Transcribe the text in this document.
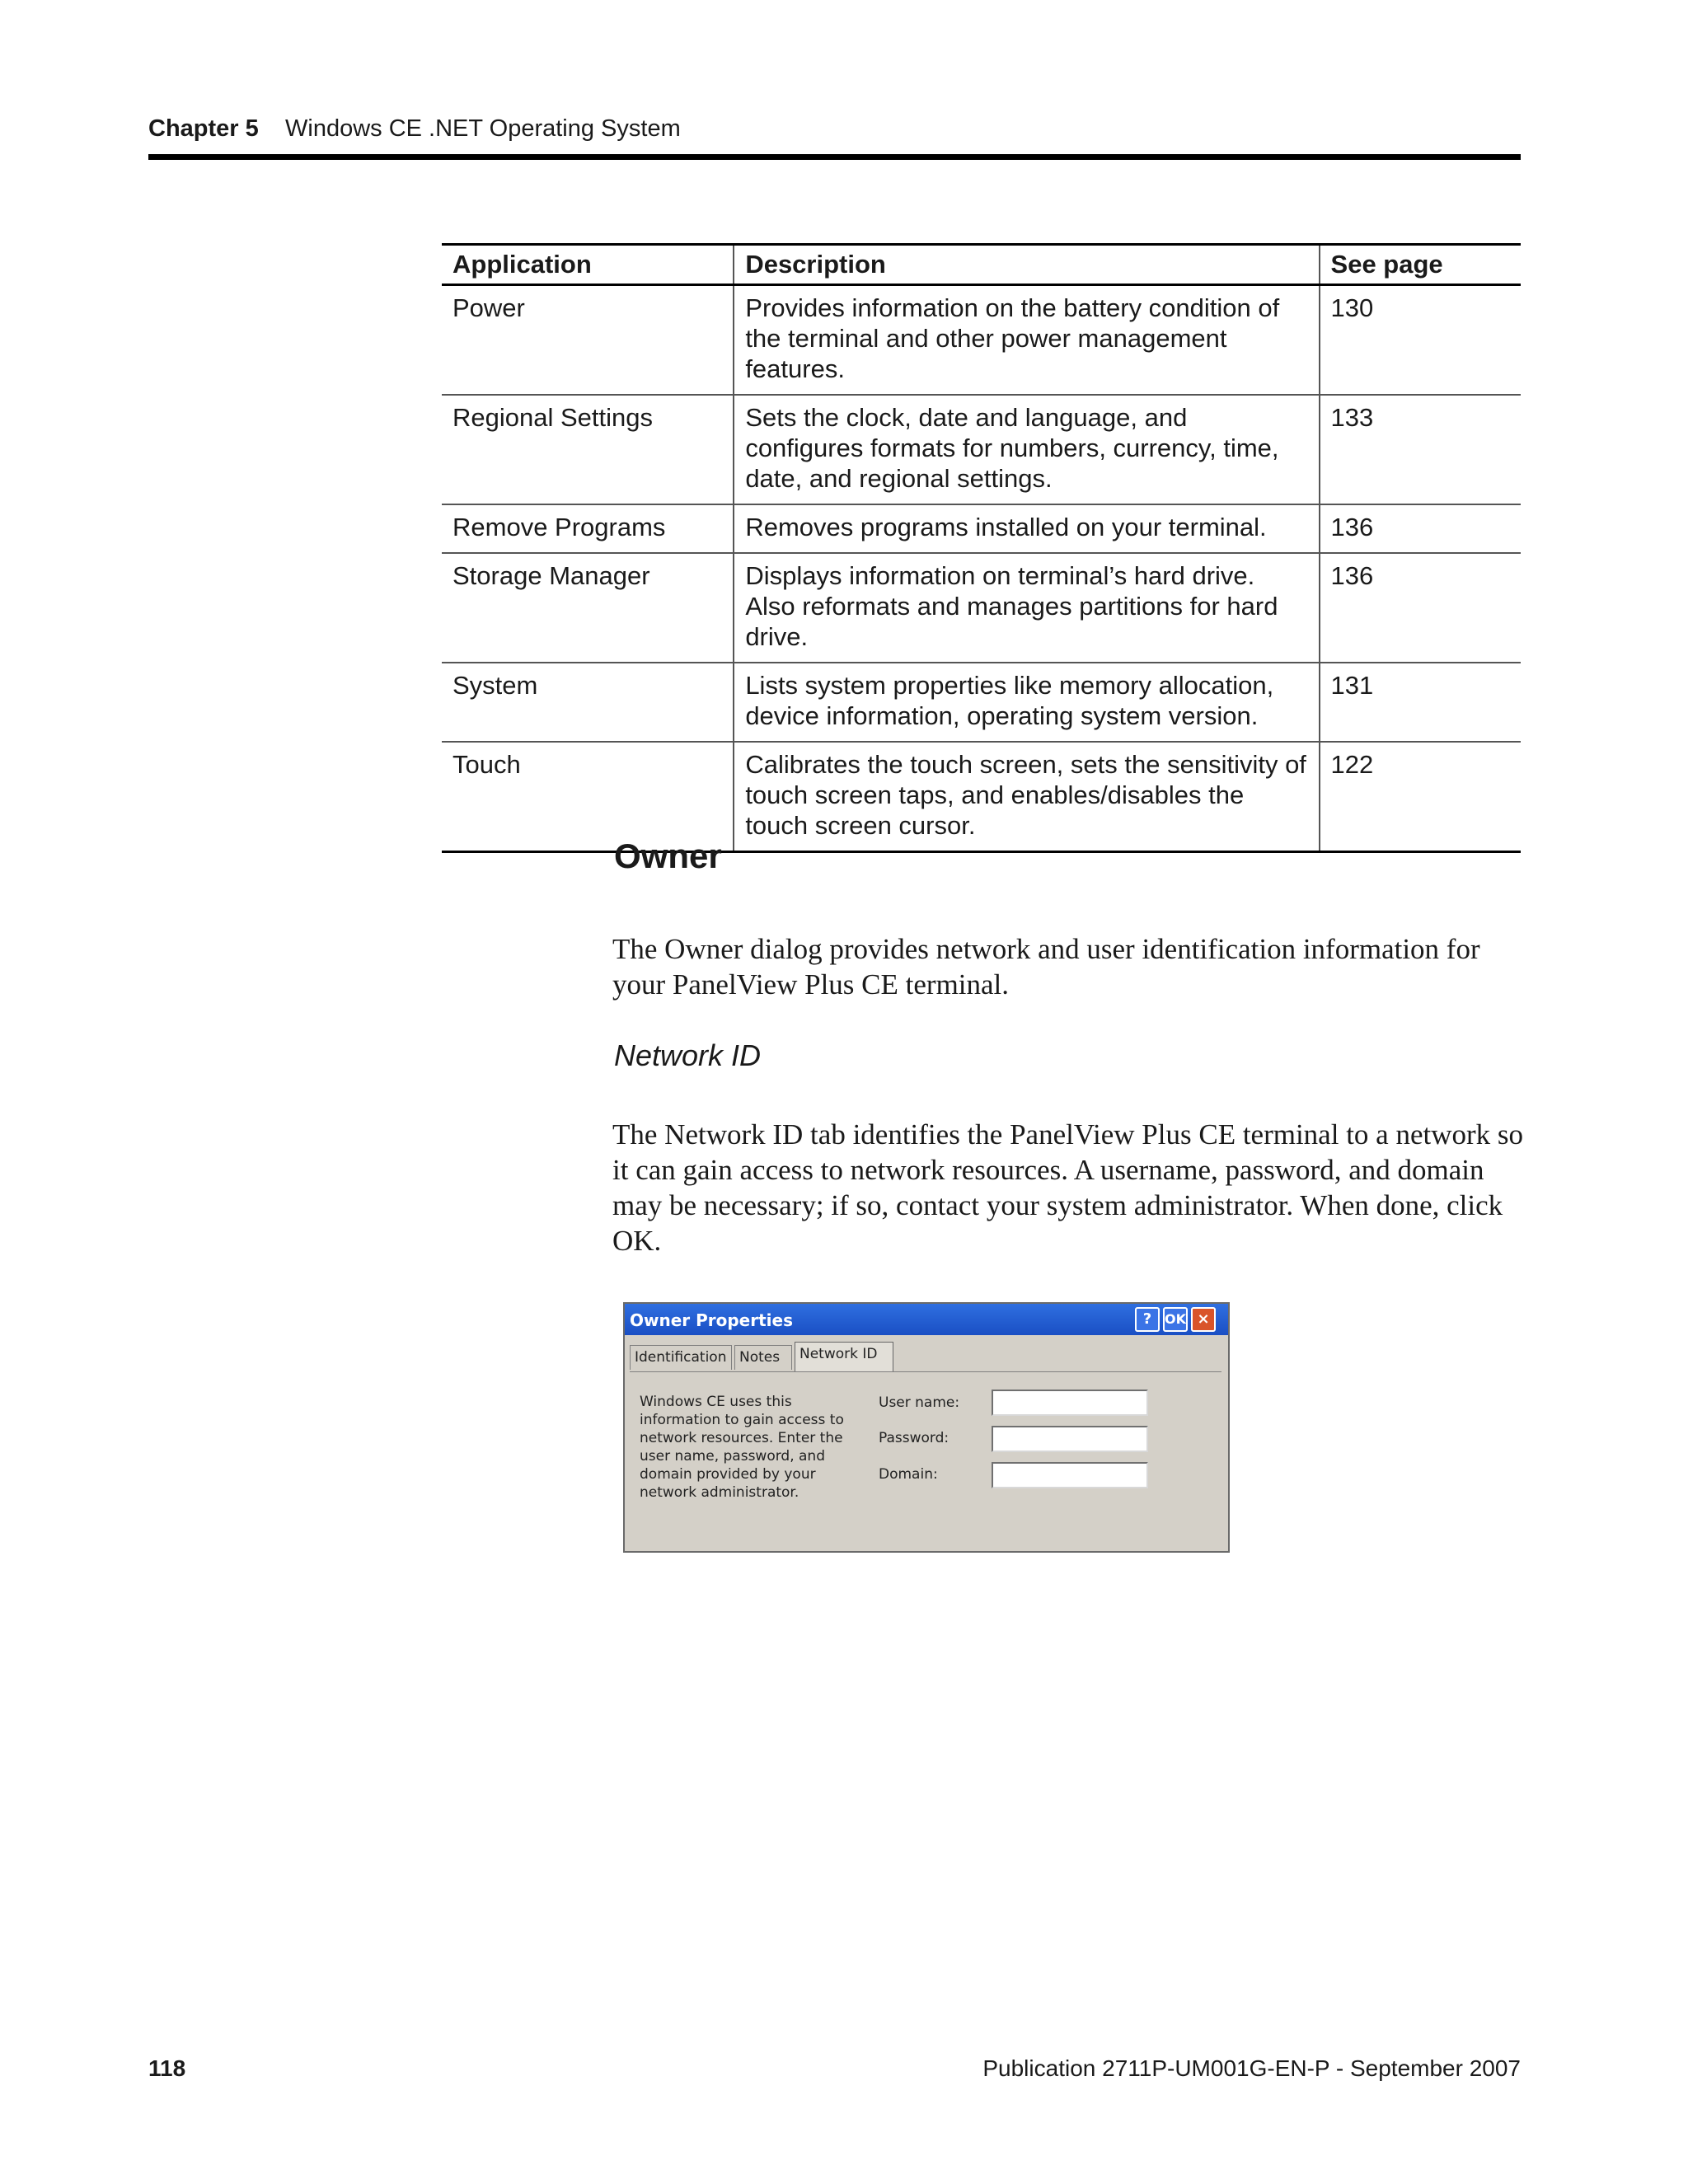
Chapter 5 Windows CE .NET Operating System
Application	Description	See page
Power	Provides information on the battery condition of the terminal and other power management features.	130
Regional Settings	Sets the clock, date and language, and configures formats for numbers, currency, time, date, and regional settings.	133
Remove Programs	Removes programs installed on your terminal.	136
Storage Manager	Displays information on terminal’s hard drive. Also reformats and manages partitions for hard drive.	136
System	Lists system properties like memory allocation, device information, operating system version.	131
Touch	Calibrates the touch screen, sets the sensitivity of touch screen taps, and enables/disables the touch screen cursor.	122
Owner
The Owner dialog provides network and user identification information for your PanelView Plus CE terminal.
Network ID
The Network ID tab identifies the PanelView Plus CE terminal to a network so it can gain access to network resources. A username, password, and domain may be necessary; if so, contact your system administrator. When done, click OK.
Owner Properties	? OK ×
Identification Notes	Network ID
Windows CE uses this information to gain access to network resources. Enter the user name, password, and domain provided by your network administrator.
User name:
Password:
Domain:
118	Publication 2711P-UM001G-EN-P - September 2007
